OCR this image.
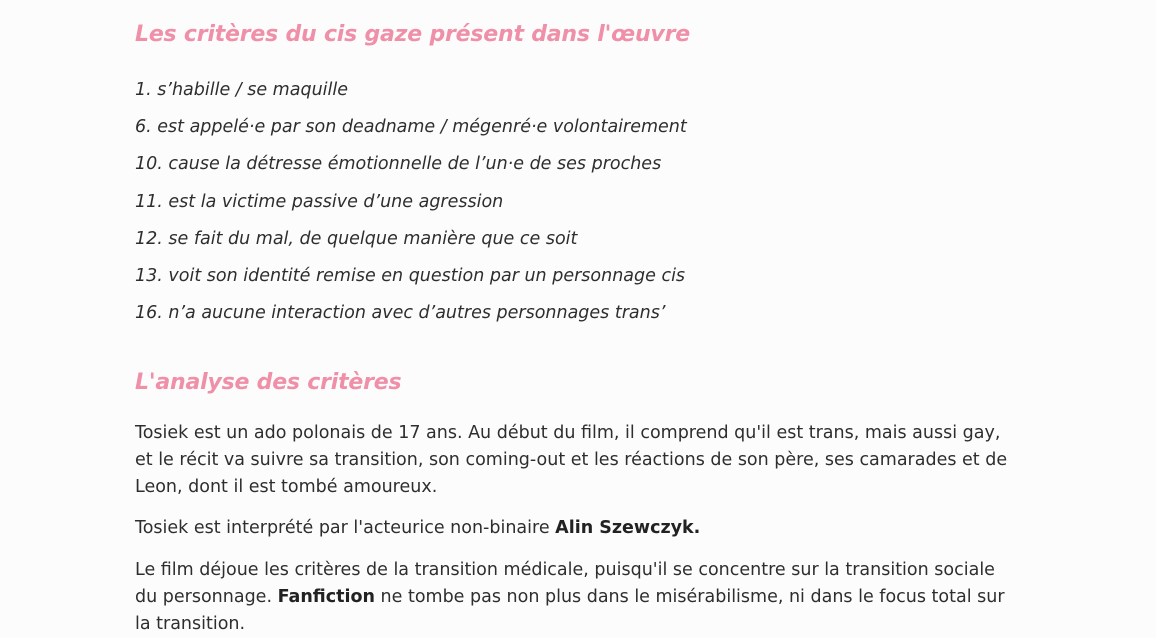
Les critères du cis gaze présent dans l'œuvre
1. s’habille / se maquille
6. est appelé·e par son deadname / mégenré·e volontairement
10. cause la détresse émotionnelle de l’un·e de ses proches
11. est la victime passive d’une agression
12. se fait du mal, de quelque manière que ce soit
13. voit son identité remise en question par un personnage cis
16. n’a aucune interaction avec d’autres personnages trans’
L'analyse des critères

Tosiek est un ado polonais de 17 ans. Au début du film, il comprend qu'il est trans, mais aussi gay, et le récit va suivre sa transition, son coming-out et les réactions de son père, ses camarades et de Leon, dont il est tombé amoureux.

Tosiek est interprété par l'acteurice non-binaire Alin Szewczyk.

Le film déjoue les critères de la transition médicale, puisqu'il se concentre sur la transition sociale du personnage. Fanfiction ne tombe pas non plus dans le misérabilisme, ni dans le focus total sur la transition.
